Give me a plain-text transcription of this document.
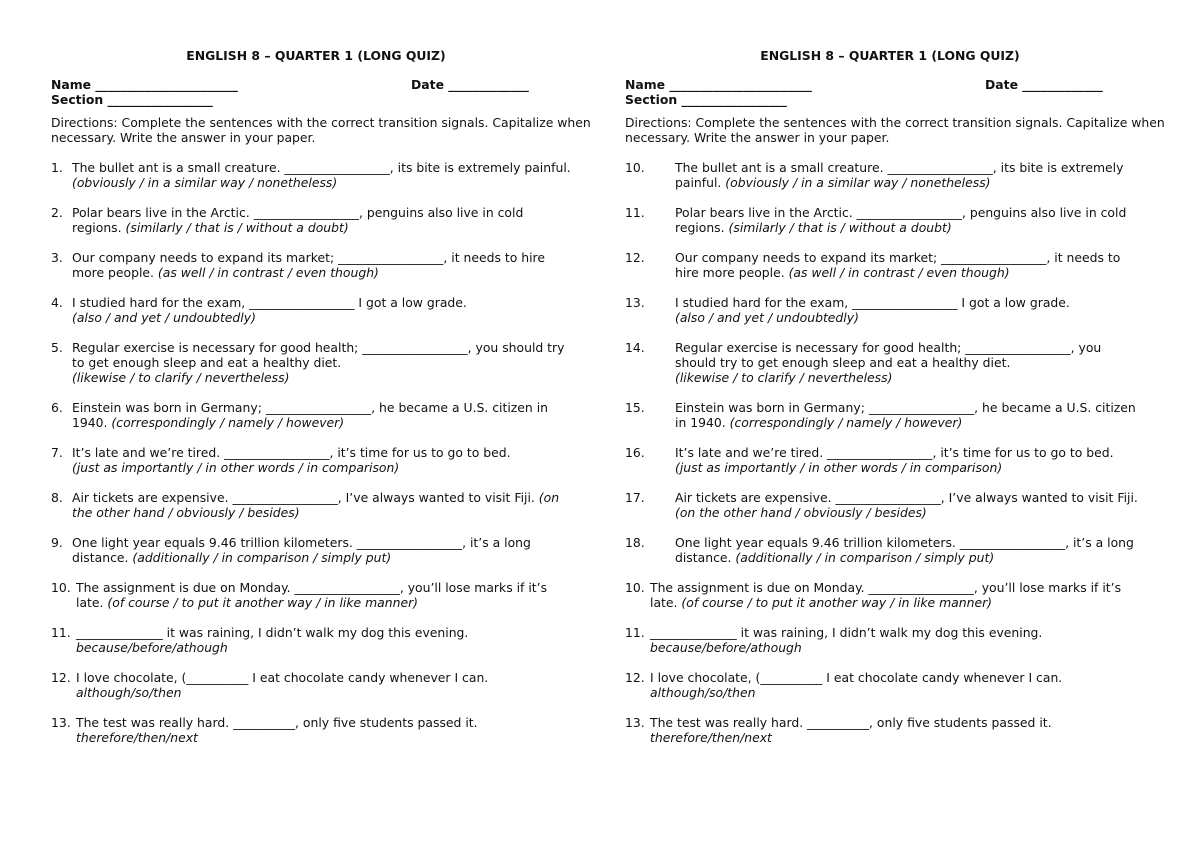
ENGLISH 8 – QUARTER 1 (LONG QUIZ)
Name _______________________	Date _____________
Section _________________
Directions: Complete the sentences with the correct transition signals. Capitalize when necessary. Write the answer in your paper.
1. The bullet ant is a small creature. _________________, its bite is extremely painful. (obviously / in a similar way / nonetheless)
2. Polar bears live in the Arctic. _________________, penguins also live in cold regions. (similarly / that is / without a doubt)
3. Our company needs to expand its market; _________________, it needs to hire more people. (as well / in contrast / even though)
4. I studied hard for the exam, _________________ I got a low grade.
(also / and yet / undoubtedly)
5. Regular exercise is necessary for good health; _________________, you should try to get enough sleep and eat a healthy diet.
(likewise / to clarify / nevertheless)
6. Einstein was born in Germany; _________________, he became a U.S. citizen in 1940. (correspondingly / namely / however)
7. It’s late and we’re tired. _________________, it’s time for us to go to bed.
(just as importantly / in other words / in comparison)
8. Air tickets are expensive. _________________, I’ve always wanted to visit Fiji. (on the other hand / obviously / besides)
9. One light year equals 9.46 trillion kilometers. _________________, it’s a long distance. (additionally / in comparison / simply put)
10. The assignment is due on Monday. _________________, you’ll lose marks if it’s late. (of course / to put it another way / in like manner)
11. ______________ it was raining, I didn’t walk my dog this evening.
because/before/athough
12. I love chocolate, (__________ I eat chocolate candy whenever I can.
although/so/then
13. The test was really hard. __________, only five students passed it.
therefore/then/next
ENGLISH 8 – QUARTER 1 (LONG QUIZ)
Name _______________________	Date _____________
Section _________________
Directions: Complete the sentences with the correct transition signals. Capitalize when necessary. Write the answer in your paper.
10.	The bullet ant is a small creature. _________________, its bite is extremely painful. (obviously / in a similar way / nonetheless)
11.	Polar bears live in the Arctic. _________________, penguins also live in cold regions. (similarly / that is / without a doubt)
12.	Our company needs to expand its market; _________________, it needs to hire more people. (as well / in contrast / even though)
13.	I studied hard for the exam, _________________ I got a low grade.
(also / and yet / undoubtedly)
14.	Regular exercise is necessary for good health; _________________, you should try to get enough sleep and eat a healthy diet.
(likewise / to clarify / nevertheless)
15.	Einstein was born in Germany; _________________, he became a U.S. citizen in 1940. (correspondingly / namely / however)
16.	It’s late and we’re tired. _________________, it’s time for us to go to bed.
(just as importantly / in other words / in comparison)
17.	Air tickets are expensive. _________________, I’ve always wanted to visit Fiji. (on the other hand / obviously / besides)
18.	One light year equals 9.46 trillion kilometers. _________________, it’s a long distance. (additionally / in comparison / simply put)
10. The assignment is due on Monday. _________________, you’ll lose marks if it’s late. (of course / to put it another way / in like manner)
11. ______________ it was raining, I didn’t walk my dog this evening.
because/before/athough
12. I love chocolate, (__________ I eat chocolate candy whenever I can.
although/so/then
13. The test was really hard. __________, only five students passed it.
therefore/then/next
